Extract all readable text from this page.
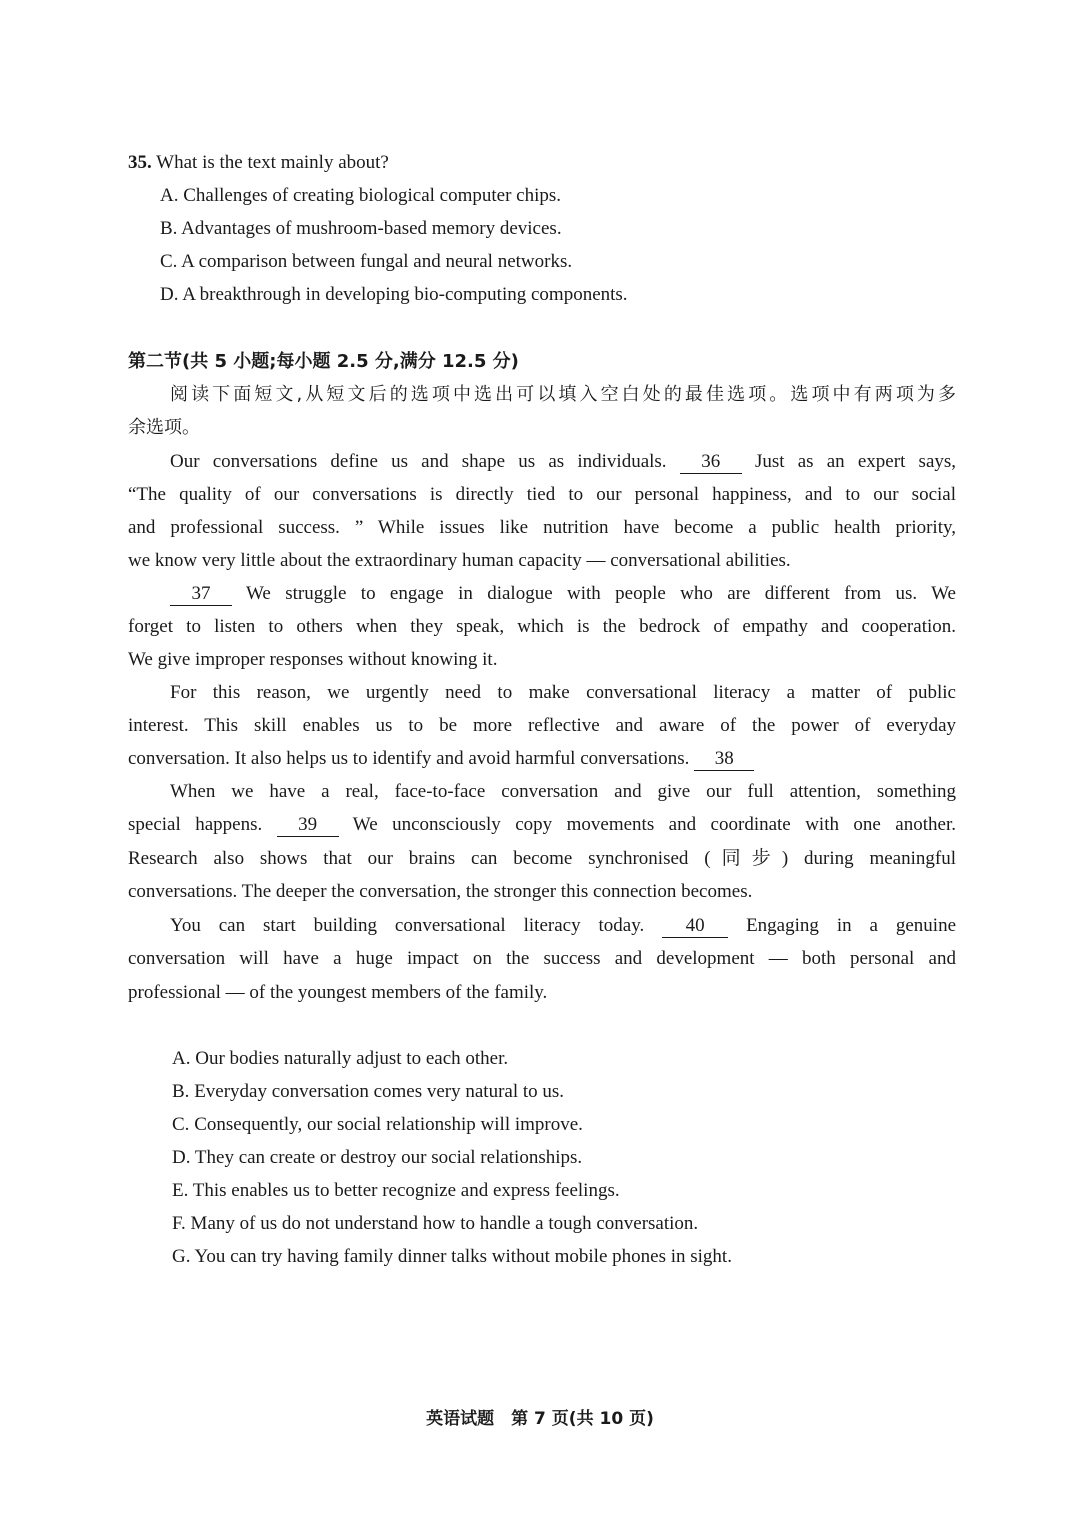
35. What is the text mainly about?
A. Challenges of creating biological computer chips.
B. Advantages of mushroom-based memory devices.
C. A comparison between fungal and neural networks.
D. A breakthrough in developing bio-computing components.
第二节(共 5 小题;每小题 2.5 分,满分 12.5 分)
阅读下面短文,从短文后的选项中选出可以填入空白处的最佳选项。选项中有两项为多
余选项。
Our conversations define us and shape us as individuals. 36 Just as an expert says,
“The quality of our conversations is directly tied to our personal happiness, and to our social
and professional success. ” While issues like nutrition have become a public health priority,
we know very little about the extraordinary human capacity — conversational abilities.
37 We struggle to engage in dialogue with people who are different from us. We
forget to listen to others when they speak, which is the bedrock of empathy and cooperation.
We give improper responses without knowing it.
For this reason, we urgently need to make conversational literacy a matter of public
interest. This skill enables us to be more reflective and aware of the power of everyday
conversation. It also helps us to identify and avoid harmful conversations. 38
When we have a real, face-to-face conversation and give our full attention, something
special happens. 39 We unconsciously copy movements and coordinate with one another.
Research also shows that our brains can become synchronised (同步) during meaningful
conversations. The deeper the conversation, the stronger this connection becomes.
You can start building conversational literacy today. 40 Engaging in a genuine
conversation will have a huge impact on the success and development — both personal and
professional — of the youngest members of the family.
A. Our bodies naturally adjust to each other.
B. Everyday conversation comes very natural to us.
C. Consequently, our social relationship will improve.
D. They can create or destroy our social relationships.
E. This enables us to better recognize and express feelings.
F. Many of us do not understand how to handle a tough conversation.
G. You can try having family dinner talks without mobile phones in sight.
英语试题　第 7 页(共 10 页)
